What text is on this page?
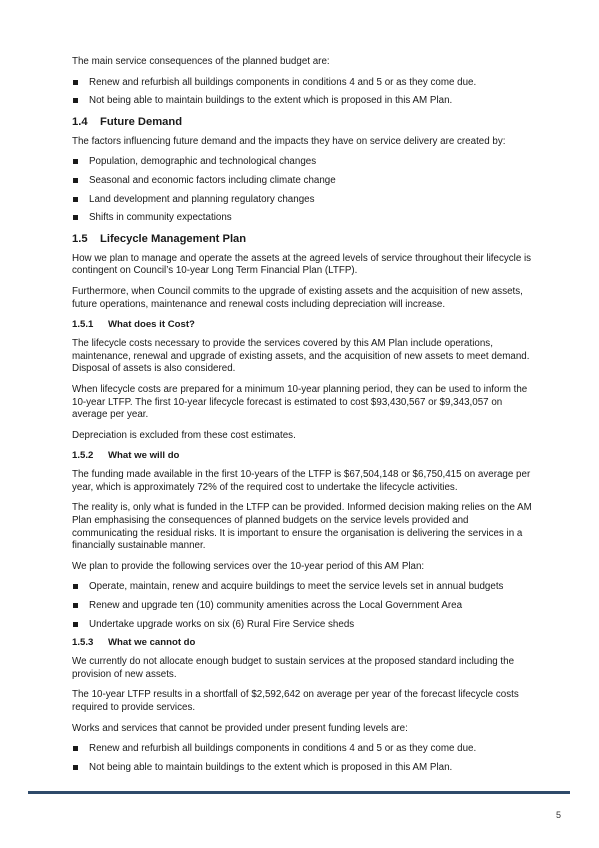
The main service consequences of the planned budget are:

Renew and refurbish all buildings components in conditions 4 and 5 or as they come due.
Not being able to maintain buildings to the extent which is proposed in this AM Plan.
1.4 Future Demand

The factors influencing future demand and the impacts they have on service delivery are created by:

Population, demographic and technological changes
Seasonal and economic factors including climate change
Land development and planning regulatory changes
Shifts in community expectations
1.5 Lifecycle Management Plan

How we plan to manage and operate the assets at the agreed levels of service throughout their lifecycle is contingent on Council’s 10-year Long Term Financial Plan (LTFP).

Furthermore, when Council commits to the upgrade of existing assets and the acquisition of new assets, future operations, maintenance and renewal costs including depreciation will increase.

1.5.1 What does it Cost?

The lifecycle costs necessary to provide the services covered by this AM Plan include operations, maintenance, renewal and upgrade of existing assets, and the acquisition of new assets to meet demand. Disposal of assets is also considered.

When lifecycle costs are prepared for a minimum 10-year planning period, they can be used to inform the 10-year LTFP. The first 10-year lifecycle forecast is estimated to cost $93,430,567 or $9,343,057 on average per year.

Depreciation is excluded from these cost estimates.

1.5.2 What we will do

The funding made available in the first 10-years of the LTFP is $67,504,148 or $6,750,415 on average per year, which is approximately 72% of the required cost to undertake the lifecycle activities.

The reality is, only what is funded in the LTFP can be provided. Informed decision making relies on the AM Plan emphasising the consequences of planned budgets on the service levels provided and communicating the residual risks. It is important to ensure the organisation is delivering the services in a financially sustainable manner.

We plan to provide the following services over the 10-year period of this AM Plan:

Operate, maintain, renew and acquire buildings to meet the service levels set in annual budgets
Renew and upgrade ten (10) community amenities across the Local Government Area
Undertake upgrade works on six (6) Rural Fire Service sheds
1.5.3 What we cannot do

We currently do not allocate enough budget to sustain services at the proposed standard including the provision of new assets.

The 10-year LTFP results in a shortfall of $2,592,642 on average per year of the forecast lifecycle costs required to provide services.

Works and services that cannot be provided under present funding levels are:

Renew and refurbish all buildings components in conditions 4 and 5 or as they come due.
Not being able to maintain buildings to the extent which is proposed in this AM Plan.
5
